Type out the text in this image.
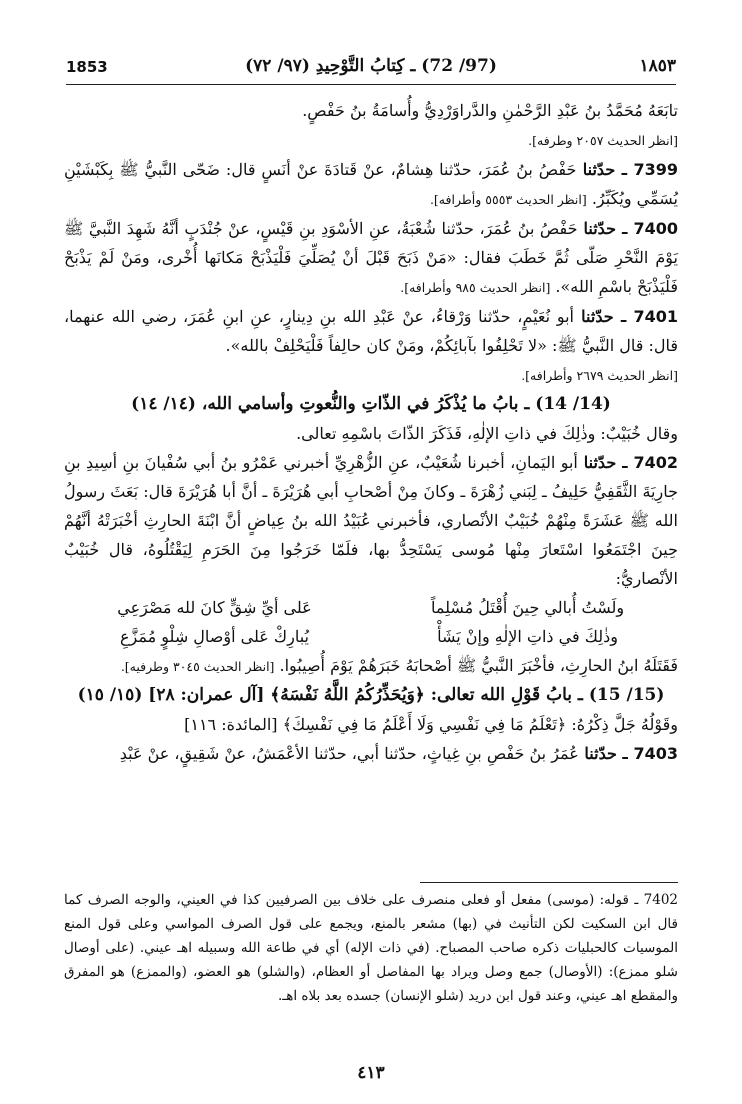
1853	(97/ 72) ـ كِتابُ التَّوْحِيدِ (٩٧/ ٧٢)	١٨٥٣

تابَعَهُ مُحَمَّدُ بنُ عَبْدِ الرَّحْمٰنِ والدَّراوَرْدِيُّ وأُسامَةُ بنُ حَفْصٍ.

[انظر الحديث ٢٠٥٧ وطرفه].

7399 ـ حدّثنا حَفْصُ بنُ عُمَرَ، حدّثنا هِشامٌ، عنْ قَتادَةَ عنْ أنَسٍ قال: ضَحّى النَّبيُّ ﷺ بِكَبْشَيْنِ يُسَمِّي ويُكَبِّرُ. [انظر الحديث ٥٥٥٣ وأطرافه].

7400 ـ حدّثنا حَفْصُ بنُ عُمَرَ، حدّثنا شُعْبَةُ، عنِ الأسْوَدِ بنِ قَيْسٍ، عنْ جُنْدَبٍ أنَّهُ شَهِدَ النَّبيَّ ﷺ يَوْمَ النَّحْرِ صَلّى ثُمَّ خَطَبَ فقال: «مَنْ ذَبَحَ قَبْلَ أنْ يُصَلِّيَ فَلْيَذْبَحْ مَكانَها أُخْرى، ومَنْ لَمْ يَذْبَحْ فَلْيَذْبَحْ باسْمِ الله». [انظر الحديث ٩٨٥ وأطرافه].

7401 ـ حدّثنا أبو نُعَيْمٍ، حدّثنا وَرْقاءُ، عنْ عَبْدِ الله بنِ دِينارٍ، عنِ ابنِ عُمَرَ، رضي الله عنهما، قال: قال النَّبيُّ ﷺ: «لا تَحْلِفُوا بآبائِكُمْ، ومَنْ كان حالِفاً فَلْيَحْلِفْ بالله».

[انظر الحديث ٢٦٧٩ وأطرافه].

(14/ 14) ـ بابُ ما يُذْكَرُ في الذّاتِ والنُّعوتِ وأسامي الله، (١٤/ ١٤)

وقال خُبَيْبٌ: وذٰلِكَ في ذاتِ الإلٰهِ، فَذَكَرَ الذّاتَ باسْمِهِ تعالى.

7402 ـ حدّثنا أبو اليَمانِ، أخبرنا شُعَيْبٌ، عنِ الزُّهْرِيِّ أخبرني عَمْرُو بنُ أبي سُفْيانَ بنِ أسِيدِ بنِ جارِيَةَ الثَّقَفِيُّ حَلِيفُ ـ لِبَني زُهْرَةَ ـ وكانَ مِنْ أصْحابِ أبي هُرَيْرَةَ ـ أنَّ أبا هُرَيْرَةَ قال: بَعَثَ رسولُ الله ﷺ عَشَرَةً مِنْهُمْ خُبَيْبٌ الأنْصاري، فأخبرني عُبَيْدُ الله بنُ عِياضٍ أنَّ ابْنَةَ الحارِثِ أخْبَرَتْهُ أنَّهُمْ حِينَ اجْتَمَعُوا اسْتَعارَ مِنْها مُوسى يَسْتَحِدُّ بها، فلَمّا خَرَجُوا مِنَ الحَرَمِ لِيَقْتُلُوهُ، قال خُبَيْبٌ الأنْصاريُّ:

ولَسْتُ أُبالي حِينَ أُقْتَلُ مُسْلِماً
عَلى أيِّ شِقٍّ كانَ لله مَصْرَعِي
وذٰلِكَ في ذاتِ الإلٰهِ وإنْ يَشَأْ
يُبارِكْ عَلى أوْصالِ شِلْوٍ مُمَزَّعِ

فَقَتَلَهُ ابنُ الحارِثِ، فأخْبَرَ النَّبيُّ ﷺ أصْحابَهُ خَبَرَهُمْ يَوْمَ أُصِيبُوا. [انظر الحديث ٣٠٤٥ وطرفيه].

(15/ 15) ـ بابُ قَوْلِ الله تعالى: ﴿وَيُحَذِّرُكُمُ اللَّهُ نَفْسَهُ﴾ [آل عمران: ٢٨] (١٥/ ١٥)

وقَوْلُهُ جَلَّ ذِكْرُهُ: ﴿تَعْلَمُ مَا فِي نَفْسِي وَلَا أَعْلَمُ مَا فِي نَفْسِكَ﴾ [المائدة: ١١٦]

7403 ـ حدّثنا عُمَرُ بنُ حَفْصِ بنِ غِياثٍ، حدّثنا أبي، حدّثنا الأعْمَشُ، عنْ شَقِيقٍ، عنْ عَبْدِ

7402 ـ قوله: (موسى) مفعل أو فعلى منصرف على خلاف بين الصرفيين كذا في العيني، والوجه الصرف كما قال ابن السكيت لكن التأنيث في (بها) مشعر بالمنع، ويجمع على قول الصرف المواسي وعلى قول المنع الموسيات كالحبليات ذكره صاحب المصباح. (في ذات الإله) أي في طاعة الله وسبيله اهـ عيني. (على أوصال شلو ممزع): (الأوصال) جمع وصل ويراد بها المفاصل أو العظام، (والشلو) هو العضو، (والممزع) هو المفرق والمقطع اهـ عيني، وعند قول ابن دريد (شلو الإنسان) جسده بعد بلاه اهـ.
٤١٣
